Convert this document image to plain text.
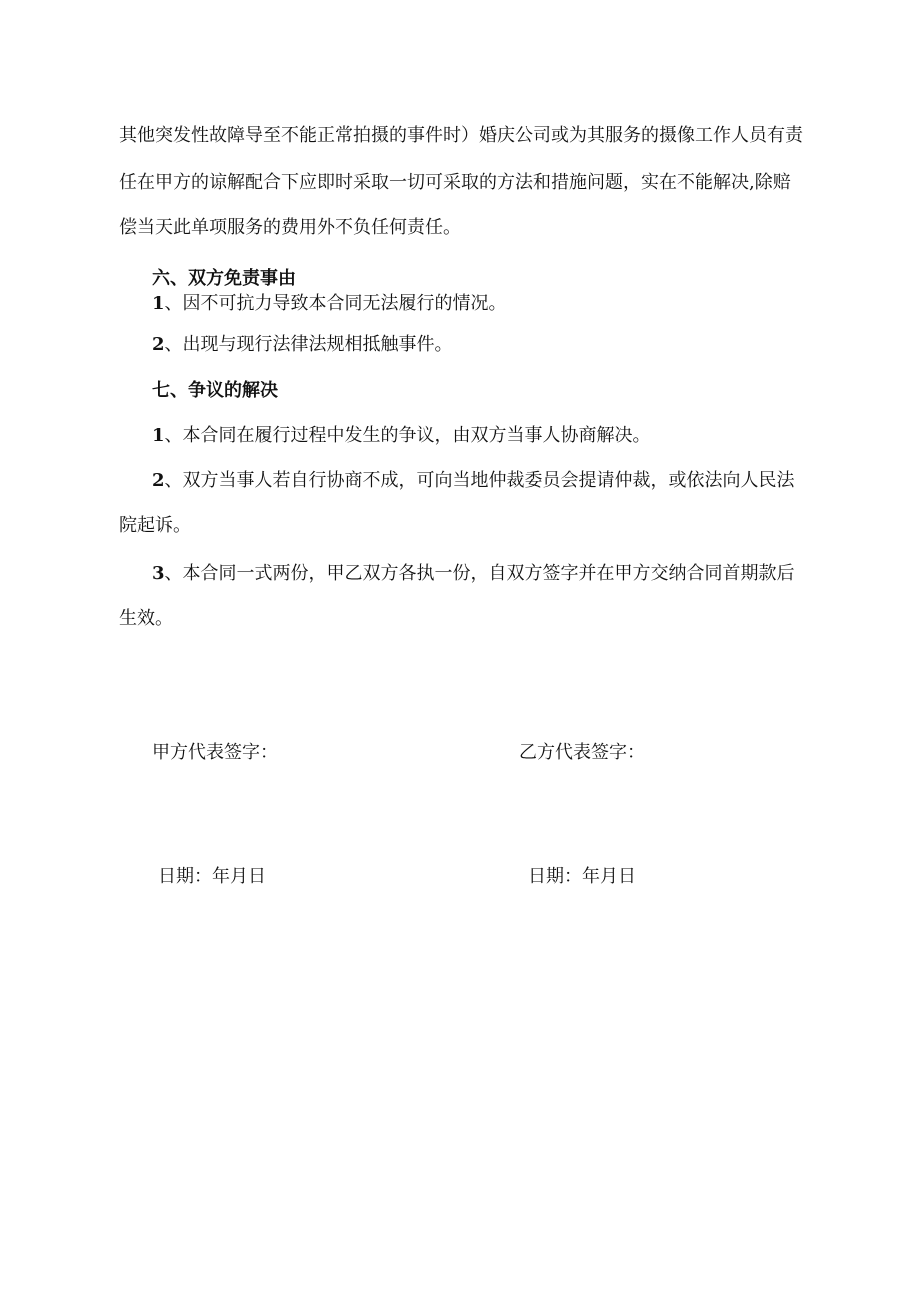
其他突发性故障导至不能正常拍摄的事件时）婚庆公司或为其服务的摄像工作人员有责

任在甲方的谅解配合下应即时采取一切可采取的方法和措施问题，实在不能解决,除赔

偿当天此单项服务的费用外不负任何责任。

六、双方免责事由

1、因不可抗力导致本合同无法履行的情况。

2、出现与现行法律法规相抵触事件。

七、争议的解决

1、本合同在履行过程中发生的争议，由双方当事人协商解决。

2、双方当事人若自行协商不成，可向当地仲裁委员会提请仲裁，或依法向人民法

院起诉。

3、本合同一式两份，甲乙双方各执一份，自双方签字并在甲方交纳合同首期款后

生效。

甲方代表签字：	乙方代表签字：

日期：年月日	日期：年月日
